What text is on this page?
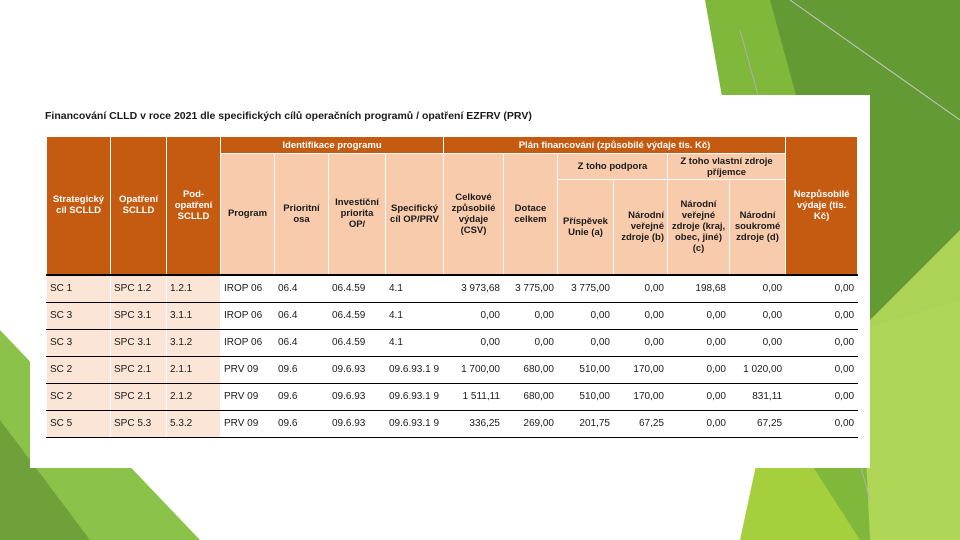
Financování CLLD v roce 2021 dle specifických cílů operačních programů / opatření EZFRV (PRV)
Strategický cíl SCLLD	Opatření SCLLD	Pod-opatření SCLLD	Identifikace programu				Plán financování (způsobilé výdaje tis. Kč)						Nezpůsobilé výdaje (tis. Kč)
			Program	Prioritní osa	Investiční priorita OP/	Specifický cíl OP/PRV	Celkové způsobilé výdaje (CSV)	Dotace celkem	Z toho podpora		Z toho vlastní zdroje příjemce		
									Příspěvek Unie (a)	Národní veřejné zdroje (b)	Národní veřejné zdroje (kraj, obec, jiné) (c)	Národní soukromé zdroje (d)	
SC 1	SPC 1.2	1.2.1	IROP 06	06.4	06.4.59	4.1	3 973,68	3 775,00	3 775,00	0,00	198,68	0,00	0,00
SC 3	SPC 3.1	3.1.1	IROP 06	06.4	06.4.59	4.1	0,00	0,00	0,00	0,00	0,00	0,00	0,00
SC 3	SPC 3.1	3.1.2	IROP 06	06.4	06.4.59	4.1	0,00	0,00	0,00	0,00	0,00	0,00	0,00
SC 2	SPC 2.1	2.1.1	PRV 09	09.6	09.6.93	09.6.93.1 9	1 700,00	680,00	510,00	170,00	0,00	1 020,00	0,00
SC 2	SPC 2.1	2.1.2	PRV 09	09.6	09.6.93	09.6.93.1 9	1 511,11	680,00	510,00	170,00	0,00	831,11	0,00
SC 5	SPC 5.3	5.3.2	PRV 09	09.6	09.6.93	09.6.93.1 9	336,25	269,00	201,75	67,25	0,00	67,25	0,00
